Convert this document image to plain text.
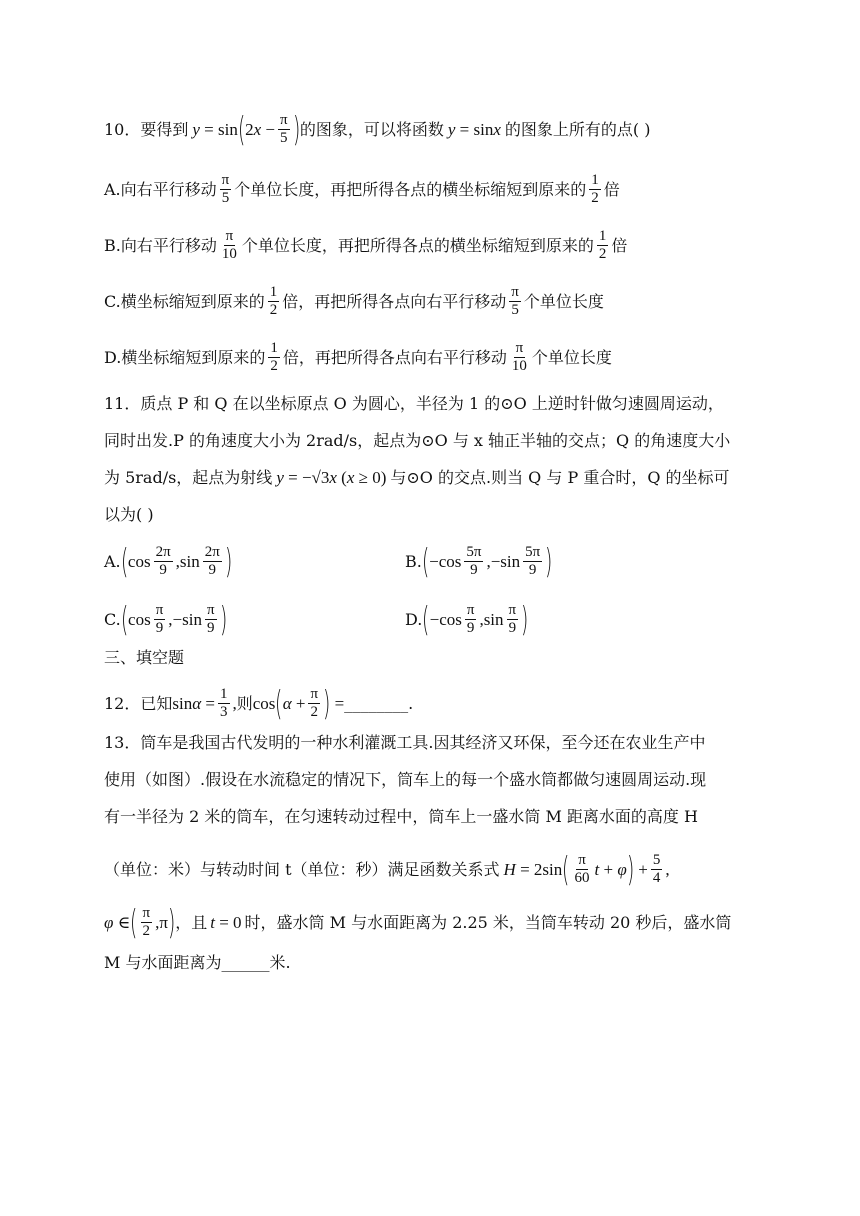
10．要得到 y = sin ( 2 $x - \frac{\pi}{5}$ ) 的图象，可以将函数 y = sinx 的图象上所有的点( )
A.向右平行移动 $\frac{\pi}{5}$ 个单位长度，再把所得各点的横坐标缩短到原来的 $\frac{1}{2}$ 倍
B.向右平行移动 $\frac{\pi}{10}$ 个单位长度，再把所得各点的横坐标缩短到原来的 $\frac{1}{2}$ 倍
C.横坐标缩短到原来的 $\frac{1}{2}$ 倍，再把所得各点向右平行移动 $\frac{\pi}{5}$ 个单位长度
D.横坐标缩短到原来的 $\frac{1}{2}$ 倍，再把所得各点向右平行移动 $\frac{\pi}{10}$ 个单位长度
11．质点 P 和 Q 在以坐标原点 O 为圆心，半径为 1 的⊙O 上逆时针做匀速圆周运动，
同时出发.P 的角速度大小为 2rad/s，起点为⊙O 与 x 轴正半轴的交点；Q 的角速度大小
为 5rad/s，起点为射线 y = −√3x (x ≥ 0) 与⊙O 的交点.则当 Q 与 P 重合时，Q 的坐标可
以为( )
A. ( $\cos \frac{2\pi}{9} ,\sin \frac{2\pi}{9}$ )	B. ( $-\cos \frac{5\pi}{9} ,-\sin \frac{5\pi}{9}$ )
C. ( $\cos \frac{\pi}{9} ,-\sin \frac{\pi}{9}$ )	D. ( $-\cos \frac{\pi}{9} ,\sin \frac{\pi}{9}$ )
三、填空题
12．已知 $\sin \alpha = \frac{1}{3}$ , 则 cos ( $\alpha + \frac{\pi}{2}$ ) = ________.
13．筒车是我国古代发明的一种水利灌溉工具.因其经济又环保，至今还在农业生产中
使用（如图）.假设在水流稳定的情况下，筒车上的每一个盛水筒都做匀速圆周运动.现
有一半径为 2 米的筒车，在匀速转动过程中，筒车上一盛水筒 M 距离水面的高度 H
（单位：米）与转动时间 t（单位：秒）满足函数关系式 H = 2sin ( $\frac{\pi}{60}$ t + φ ) + $\frac{5}{4}$ ,
φ ∈ ( $\frac{\pi}{2} ,\pi$ ) ，且 t = 0 时，盛水筒 M 与水面距离为 2.25 米，当筒车转动 20 秒后，盛水筒
M 与水面距离为______米.
